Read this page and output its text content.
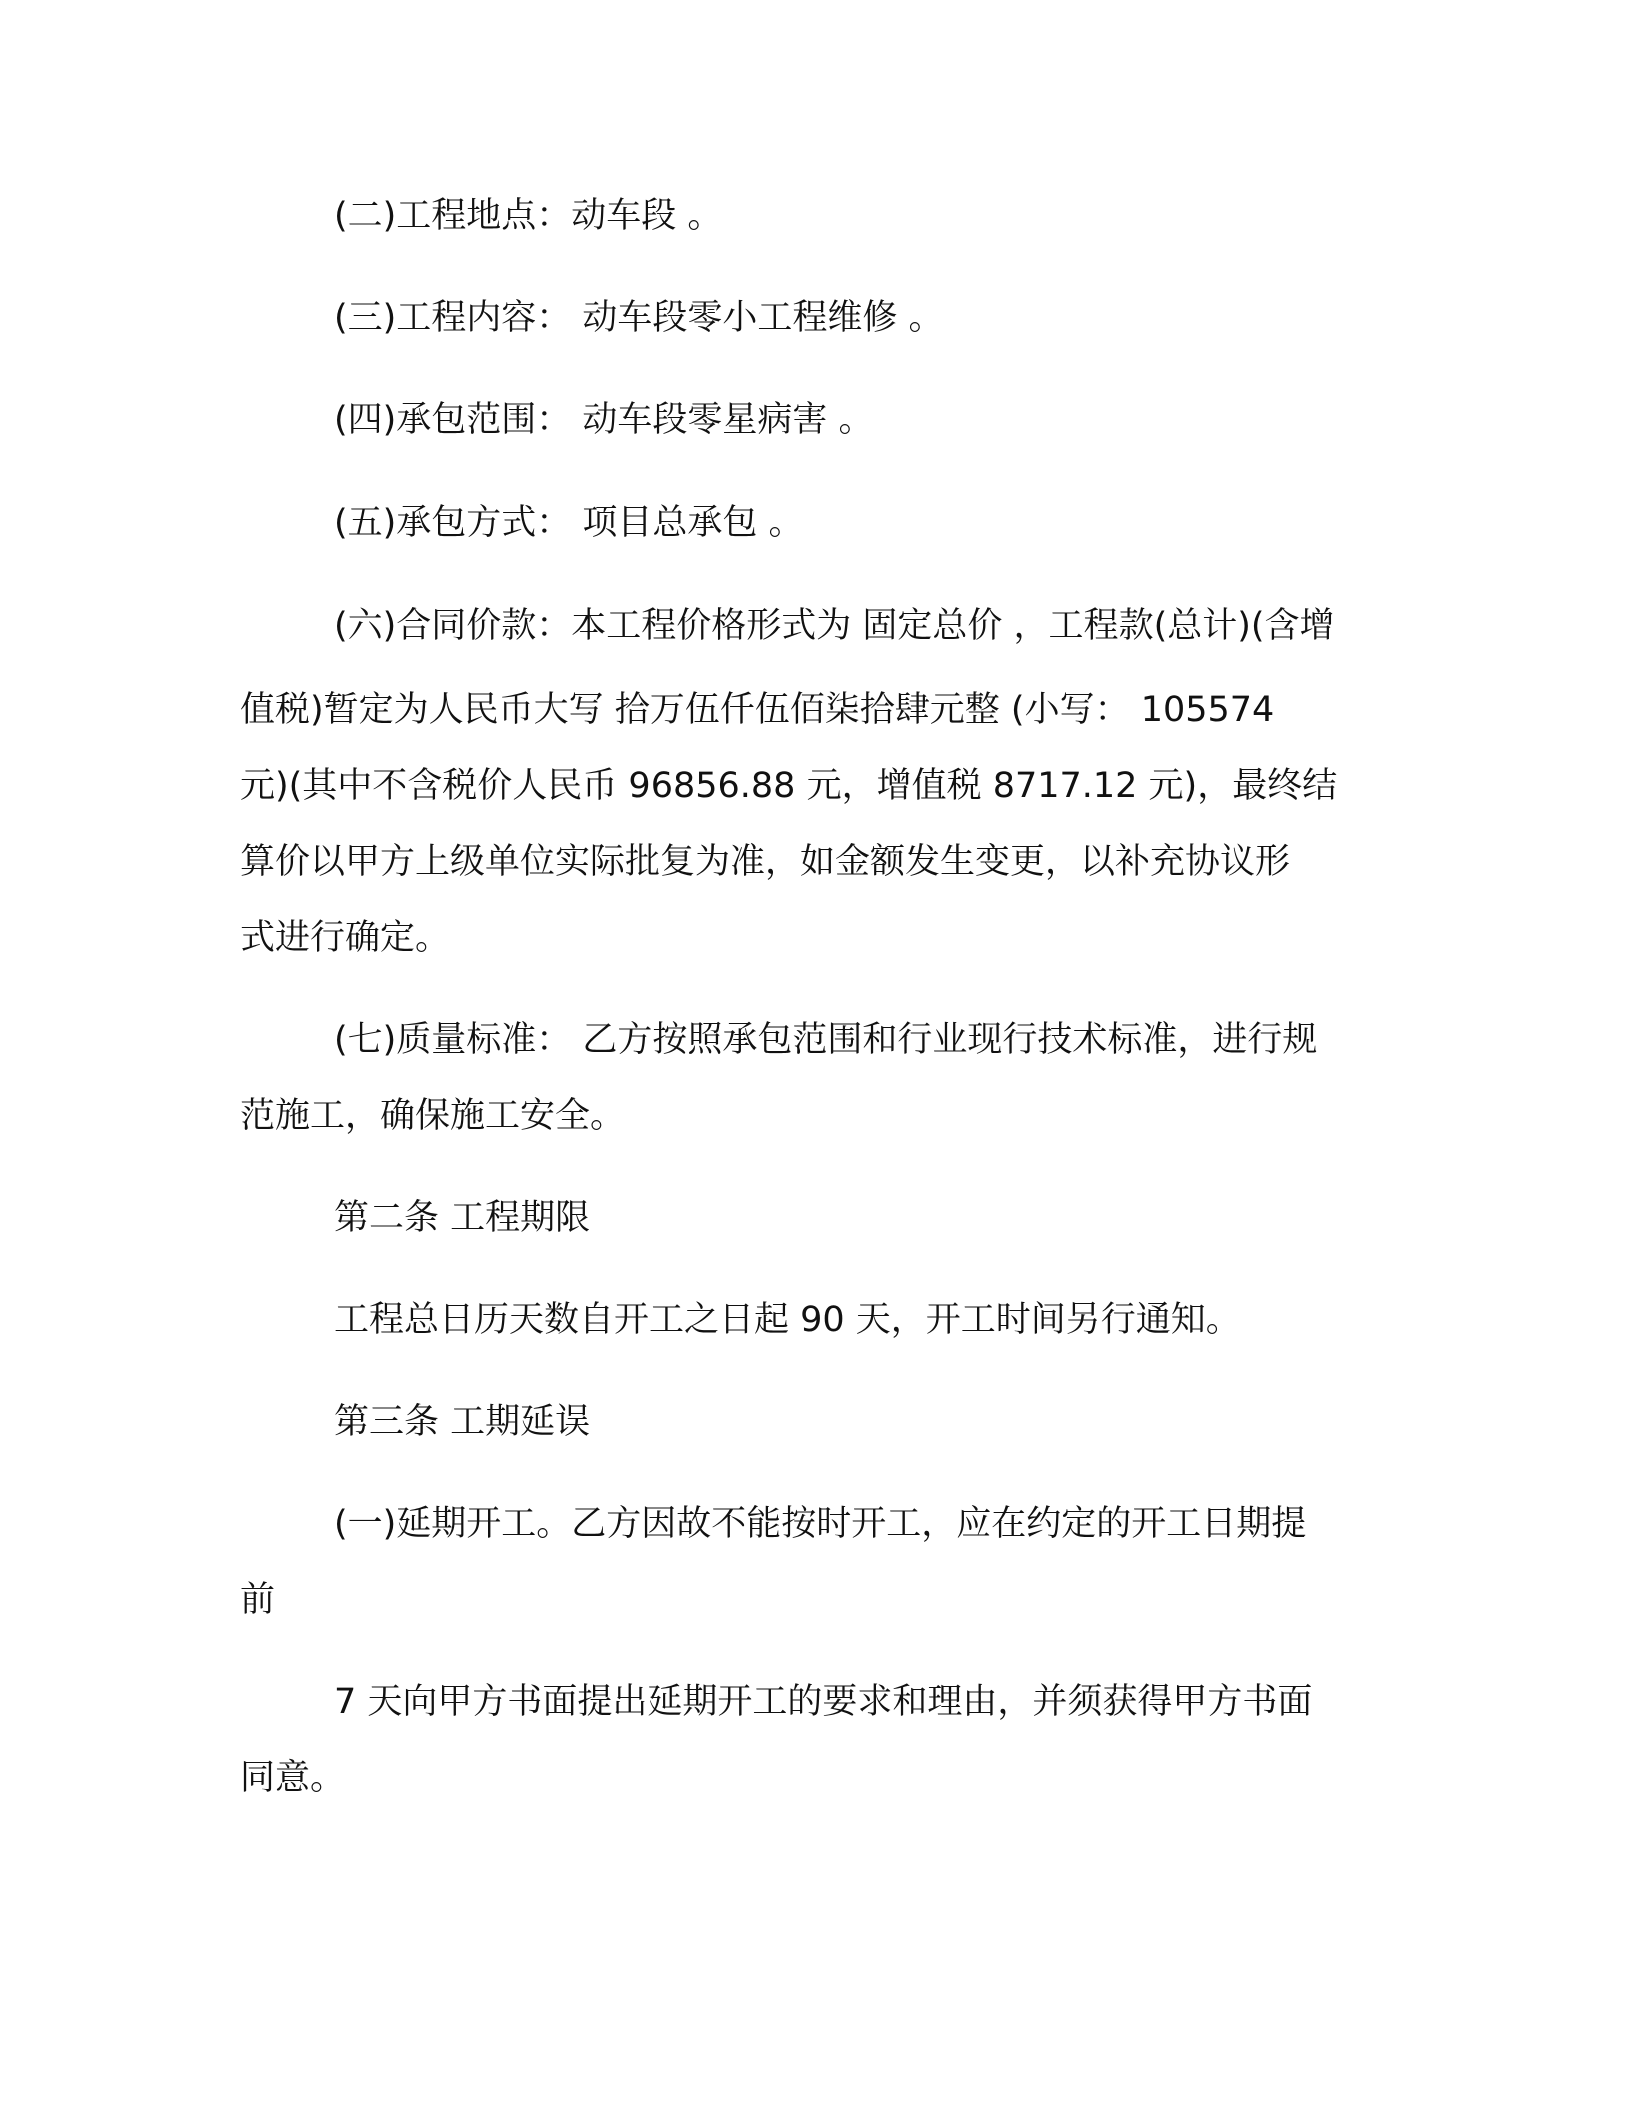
(二)工程地点：动车段 。
(三)工程内容： 动车段零小工程维修 。
(四)承包范围： 动车段零星病害 。
(五)承包方式： 项目总承包 。
(六)合同价款：本工程价格形式为 固定总价 ，工程款(总计)(含增
值税)暂定为人民币大写 拾万伍仟伍佰柒拾肆元整 (小写： 105574
元)(其中不含税价人民币 96856.88 元，增值税 8717.12 元)，最终结
算价以甲方上级单位实际批复为准，如金额发生变更，以补充协议形
式进行确定。
(七)质量标准： 乙方按照承包范围和行业现行技术标准，进行规
范施工，确保施工安全。
第二条 工程期限
工程总日历天数自开工之日起 90 天，开工时间另行通知。
第三条 工期延误
(一)延期开工。乙方因故不能按时开工，应在约定的开工日期提
前
7 天向甲方书面提出延期开工的要求和理由，并须获得甲方书面
同意。
